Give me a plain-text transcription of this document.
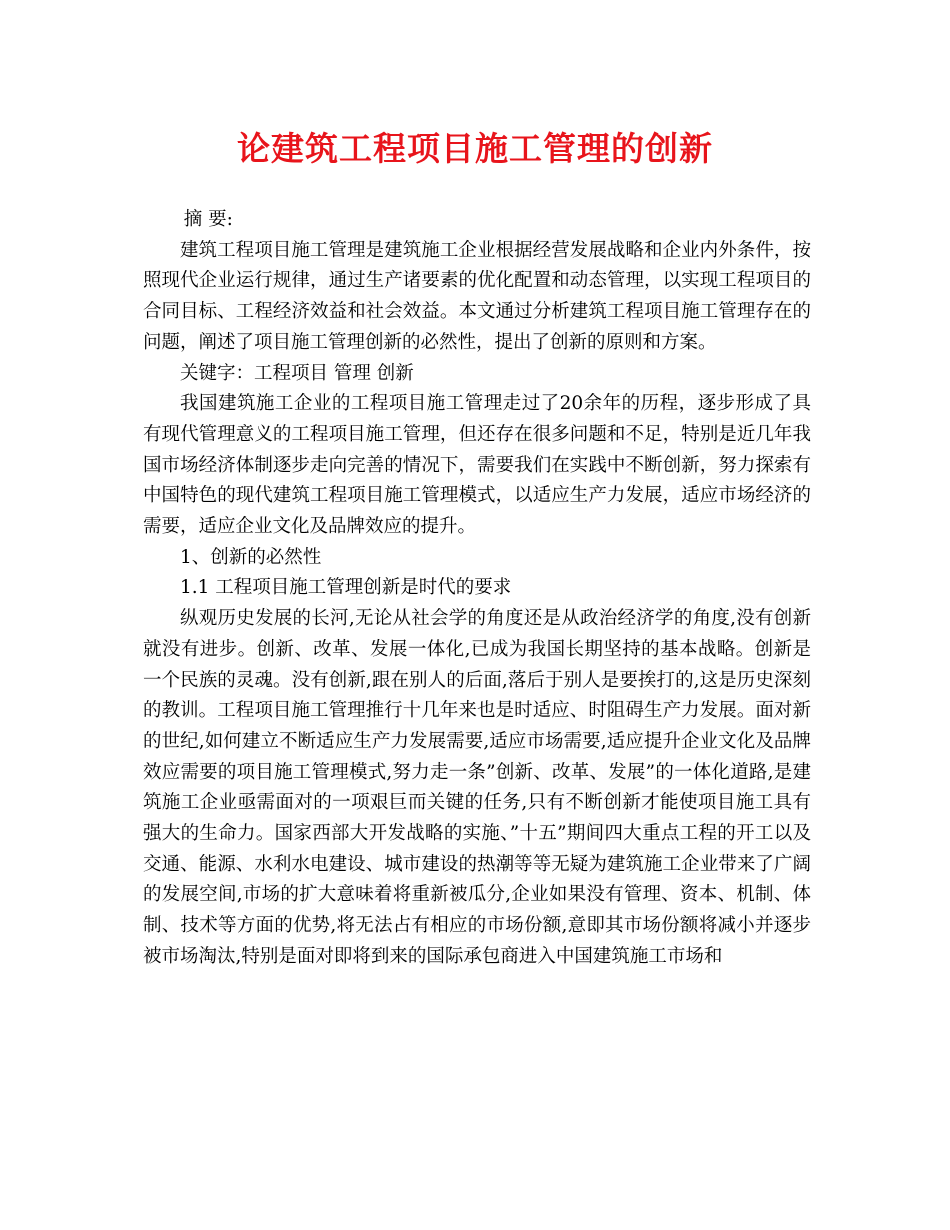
论建筑工程项目施工管理的创新

摘 要:

建筑工程项目施工管理是建筑施工企业根据经营发展战略和企业内外条件，按照现代企业运行规律，通过生产诸要素的优化配置和动态管理，以实现工程项目的合同目标、工程经济效益和社会效益。本文通过分析建筑工程项目施工管理存在的问题，阐述了项目施工管理创新的必然性，提出了创新的原则和方案。

关键字：工程项目 管理 创新

我国建筑施工企业的工程项目施工管理走过了20余年的历程，逐步形成了具有现代管理意义的工程项目施工管理，但还存在很多问题和不足，特别是近几年我国市场经济体制逐步走向完善的情况下，需要我们在实践中不断创新，努力探索有中国特色的现代建筑工程项目施工管理模式，以适应生产力发展，适应市场经济的需要，适应企业文化及品牌效应的提升。

1、创新的必然性

1.1 工程项目施工管理创新是时代的要求

纵观历史发展的长河,无论从社会学的角度还是从政治经济学的角度,没有创新就没有进步。创新、改革、发展一体化,已成为我国长期坚持的基本战略。创新是一个民族的灵魂。没有创新,跟在别人的后面,落后于别人是要挨打的,这是历史深刻的教训。工程项目施工管理推行十几年来也是时适应、时阻碍生产力发展。面对新的世纪,如何建立不断适应生产力发展需要,适应市场需要,适应提升企业文化及品牌效应需要的项目施工管理模式,努力走一条”创新、改革、发展”的一体化道路,是建筑施工企业亟需面对的一项艰巨而关键的任务,只有不断创新才能使项目施工具有强大的生命力。国家西部大开发战略的实施、”十五”期间四大重点工程的开工以及交通、能源、水利水电建设、城市建设的热潮等等无疑为建筑施工企业带来了广阔的发展空间,市场的扩大意味着将重新被瓜分,企业如果没有管理、资本、机制、体制、技术等方面的优势,将无法占有相应的市场份额,意即其市场份额将减小并逐步被市场淘汰,特别是面对即将到来的国际承包商进入中国建筑施工市场和
